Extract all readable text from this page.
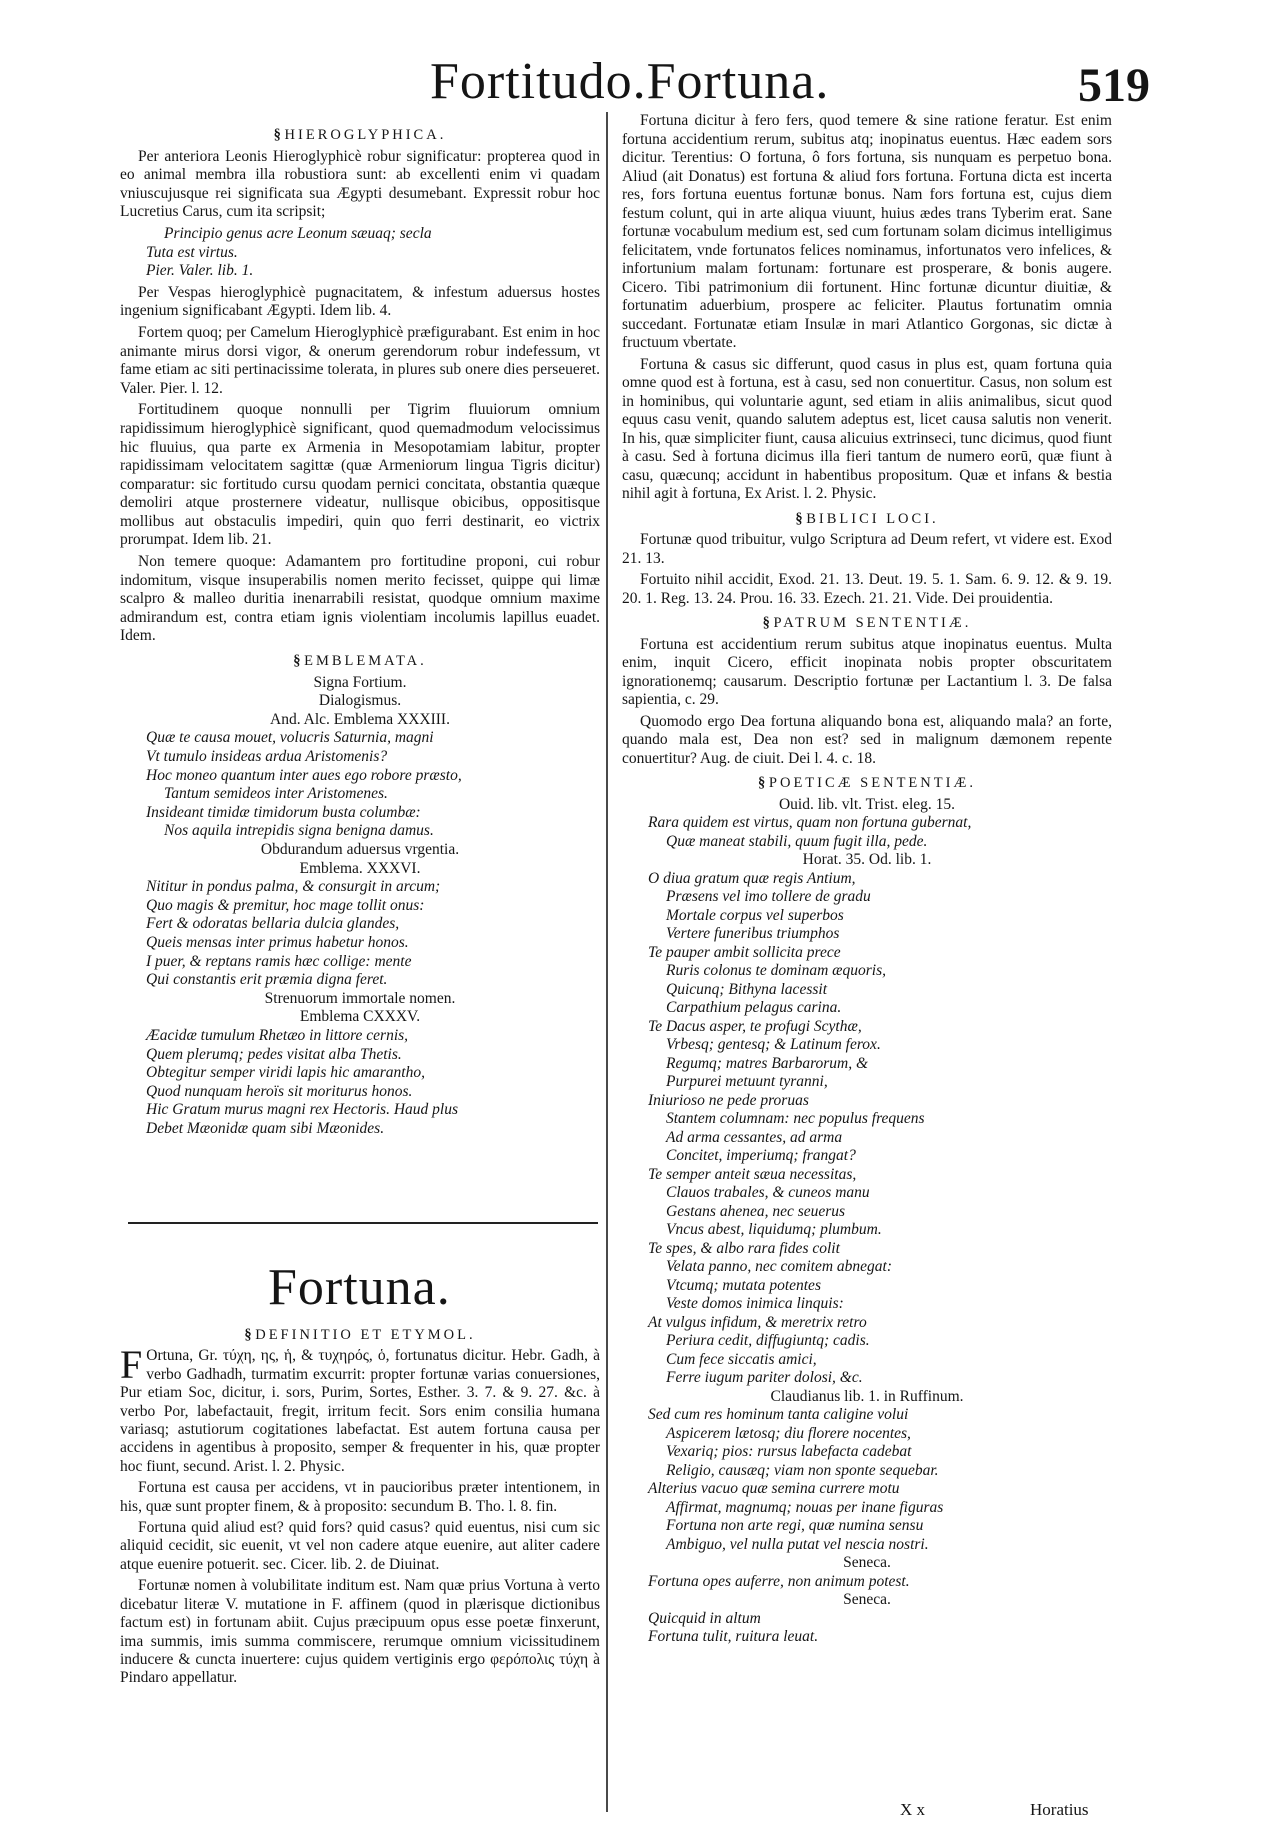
Fortitudo.Fortuna.	519
§ HIEROGLYPHICA.

Per anteriora Leonis Hieroglyphicè robur significatur: propterea quod in eo animal membra illa robustiora sunt: ab excellenti enim vi quadam vniuscujusque rei significata sua Ægypti desumebant. Expressit robur hoc Lucretius Carus, cum ita scripsit;

Principio genus acre Leonum sæuaq; secla

Tuta est virtus.

Pier. Valer. lib. 1.

Per Vespas hieroglyphicè pugnacitatem, & infestum aduersus hostes ingenium significabant Ægypti. Idem lib. 4.

Fortem quoq; per Camelum Hieroglyphicè præfigurabant. Est enim in hoc animante mirus dorsi vigor, & onerum gerendorum robur indefessum, vt fame etiam ac siti pertinacissime tolerata, in plures sub onere dies perseueret. Valer. Pier. l. 12.

Fortitudinem quoque nonnulli per Tigrim fluuiorum omnium rapidissimum hieroglyphicè significant, quod quemadmodum velocissimus hic fluuius, qua parte ex Armenia in Mesopotamiam labitur, propter rapidissimam velocitatem sagittæ (quæ Armeniorum lingua Tigris dicitur) comparatur: sic fortitudo cursu quodam pernici concitata, obstantia quæque demoliri atque prosternere videatur, nullisque obicibus, oppositisque mollibus aut obstaculis impediri, quin quo ferri destinarit, eo victrix prorumpat. Idem lib. 21.

Non temere quoque: Adamantem pro fortitudine proponi, cui robur indomitum, visque insuperabilis nomen merito fecisset, quippe qui limæ scalpro & malleo duritia inenarrabili resistat, quodque omnium maxime admirandum est, contra etiam ignis violentiam incolumis lapillus euadet. Idem.

§ EMBLEMATA.

Signa Fortium.

Dialogismus.

And. Alc. Emblema XXXIII.

Quæ te causa mouet, volucris Saturnia, magni

Vt tumulo insideas ardua Aristomenis?

Hoc moneo quantum inter aues ego robore præsto,

Tantum semideos inter Aristomenes.

Insideant timidæ timidorum busta columbæ:

Nos aquila intrepidis signa benigna damus.

Obdurandum aduersus vrgentia.

Emblema. XXXVI.

Nititur in pondus palma, & consurgit in arcum;

Quo magis & premitur, hoc mage tollit onus:

Fert & odoratas bellaria dulcia glandes,

Queis mensas inter primus habetur honos.

I puer, & reptans ramis hæc collige: mente

Qui constantis erit præmia digna feret.

Strenuorum immortale nomen.

Emblema CXXXV.

Æacidæ tumulum Rhetæo in littore cernis,

Quem plerumq; pedes visitat alba Thetis.

Obtegitur semper viridi lapis hic amarantho,

Quod nunquam heroïs sit moriturus honos.

Hic Gratum murus magni rex Hectoris. Haud plus

Debet Mæonidæ quam sibi Mæonides.

Fortuna.
§ DEFINITIO ET ETYMOL.

F Ortuna, Gr. τύχη, ης, ἡ, & τυχηρός, ὁ, fortunatus dicitur. Hebr. Gadh, à verbo Gadhadh, turmatim excurrit: propter fortunæ varias conuersiones, Pur etiam Soc, dicitur, i. sors, Purim, Sortes, Esther. 3. 7. & 9. 27. &c. à verbo Por, labefactauit, fregit, irritum fecit. Sors enim consilia humana variasq; astutiorum cogitationes labefactat. Est autem fortuna causa per accidens in agentibus à proposito, semper & frequenter in his, quæ propter hoc fiunt, secund. Arist. l. 2. Physic.

Fortuna est causa per accidens, vt in paucioribus præter intentionem, in his, quæ sunt propter finem, & à proposito: secundum B. Tho. l. 8. fin.

Fortuna quid aliud est? quid fors? quid casus? quid euentus, nisi cum sic aliquid cecidit, sic euenit, vt vel non cadere atque euenire, aut aliter cadere atque euenire potuerit. sec. Cicer. lib. 2. de Diuinat.

Fortunæ nomen à volubilitate inditum est. Nam quæ prius Vortuna à verto dicebatur literæ V. mutatione in F. affinem (quod in plærisque dictionibus factum est) in fortunam abiit. Cujus præcipuum opus esse poetæ finxerunt, ima summis, imis summa commiscere, rerumque omnium vicissitudinem inducere & cuncta inuertere: cujus quidem vertiginis ergo φερόπολις τύχη à Pindaro appellatur.

Fortuna dicitur à fero fers, quod temere & sine ratione feratur. Est enim fortuna accidentium rerum, subitus atq; inopinatus euentus. Hæc eadem sors dicitur. Terentius: O fortuna, ô fors fortuna, sis nunquam es perpetuo bona. Aliud (ait Donatus) est fortuna & aliud fors fortuna. Fortuna dicta est incerta res, fors fortuna euentus fortunæ bonus. Nam fors fortuna est, cujus diem festum colunt, qui in arte aliqua viuunt, huius ædes trans Tyberim erat. Sane fortunæ vocabulum medium est, sed cum fortunam solam dicimus intelligimus felicitatem, vnde fortunatos felices nominamus, infortunatos vero infelices, & infortunium malam fortunam: fortunare est prosperare, & bonis augere. Cicero. Tibi patrimonium dii fortunent. Hinc fortunæ dicuntur diuitiæ, & fortunatim aduerbium, prospere ac feliciter. Plautus fortunatim omnia succedant. Fortunatæ etiam Insulæ in mari Atlantico Gorgonas, sic dictæ à fructuum vbertate.

Fortuna & casus sic differunt, quod casus in plus est, quam fortuna quia omne quod est à fortuna, est à casu, sed non conuertitur. Casus, non solum est in hominibus, qui voluntarie agunt, sed etiam in aliis animalibus, sicut quod equus casu venit, quando salutem adeptus est, licet causa salutis non venerit. In his, quæ simpliciter fiunt, causa alicuius extrinseci, tunc dicimus, quod fiunt à casu. Sed à fortuna dicimus illa fieri tantum de numero eorū, quæ fiunt à casu, quæcunq; accidunt in habentibus propositum. Quæ et infans & bestia nihil agit à fortuna, Ex Arist. l. 2. Physic.

§ BIBLICI LOCI.

Fortunæ quod tribuitur, vulgo Scriptura ad Deum refert, vt videre est. Exod 21. 13.

Fortuito nihil accidit, Exod. 21. 13. Deut. 19. 5. 1. Sam. 6. 9. 12. & 9. 19. 20. 1. Reg. 13. 24. Prou. 16. 33. Ezech. 21. 21. Vide. Dei prouidentia.

§ PATRUM SENTENTIÆ.

Fortuna est accidentium rerum subitus atque inopinatus euentus. Multa enim, inquit Cicero, efficit inopinata nobis propter obscuritatem ignorationemq; causarum. Descriptio fortunæ per Lactantium l. 3. De falsa sapientia, c. 29.

Quomodo ergo Dea fortuna aliquando bona est, aliquando mala? an forte, quando mala est, Dea non est? sed in malignum dæmonem repente conuertitur? Aug. de ciuit. Dei l. 4. c. 18.

§ POETICÆ SENTENTIÆ.

Ouid. lib. vlt. Trist. eleg. 15.

Rara quidem est virtus, quam non fortuna gubernat,

Quæ maneat stabili, quum fugit illa, pede.

Horat. 35. Od. lib. 1.

O diua gratum quæ regis Antium,

Præsens vel imo tollere de gradu

Mortale corpus vel superbos

Vertere funeribus triumphos

Te pauper ambit sollicita prece

Ruris colonus te dominam æquoris,

Quicunq; Bithyna lacessit

Carpathium pelagus carina.

Te Dacus asper, te profugi Scythæ,

Vrbesq; gentesq; & Latinum ferox.

Regumq; matres Barbarorum, &

Purpurei metuunt tyranni,

Iniurioso ne pede proruas

Stantem columnam: nec populus frequens

Ad arma cessantes, ad arma

Concitet, imperiumq; frangat?

Te semper anteit sæua necessitas,

Clauos trabales, & cuneos manu

Gestans ahenea, nec seuerus

Vncus abest, liquidumq; plumbum.

Te spes, & albo rara fides colit

Velata panno, nec comitem abnegat:

Vtcumq; mutata potentes

Veste domos inimica linquis:

At vulgus infidum, & meretrix retro

Periura cedit, diffugiuntq; cadis.

Cum fece siccatis amici,

Ferre iugum pariter dolosi, &c.

Claudianus lib. 1. in Ruffinum.

Sed cum res hominum tanta caligine volui

Aspicerem lætosq; diu florere nocentes,

Vexariq; pios: rursus labefacta cadebat

Religio, causæq; viam non sponte sequebar.

Alterius vacuo quæ semina currere motu

Affirmat, magnumq; nouas per inane figuras

Fortuna non arte regi, quæ numina sensu

Ambiguo, vel nulla putat vel nescia nostri.

Seneca.

Fortuna opes auferre, non animum potest.

Seneca.

Quicquid in altum

Fortuna tulit, ruitura leuat.

X x	Horatius
